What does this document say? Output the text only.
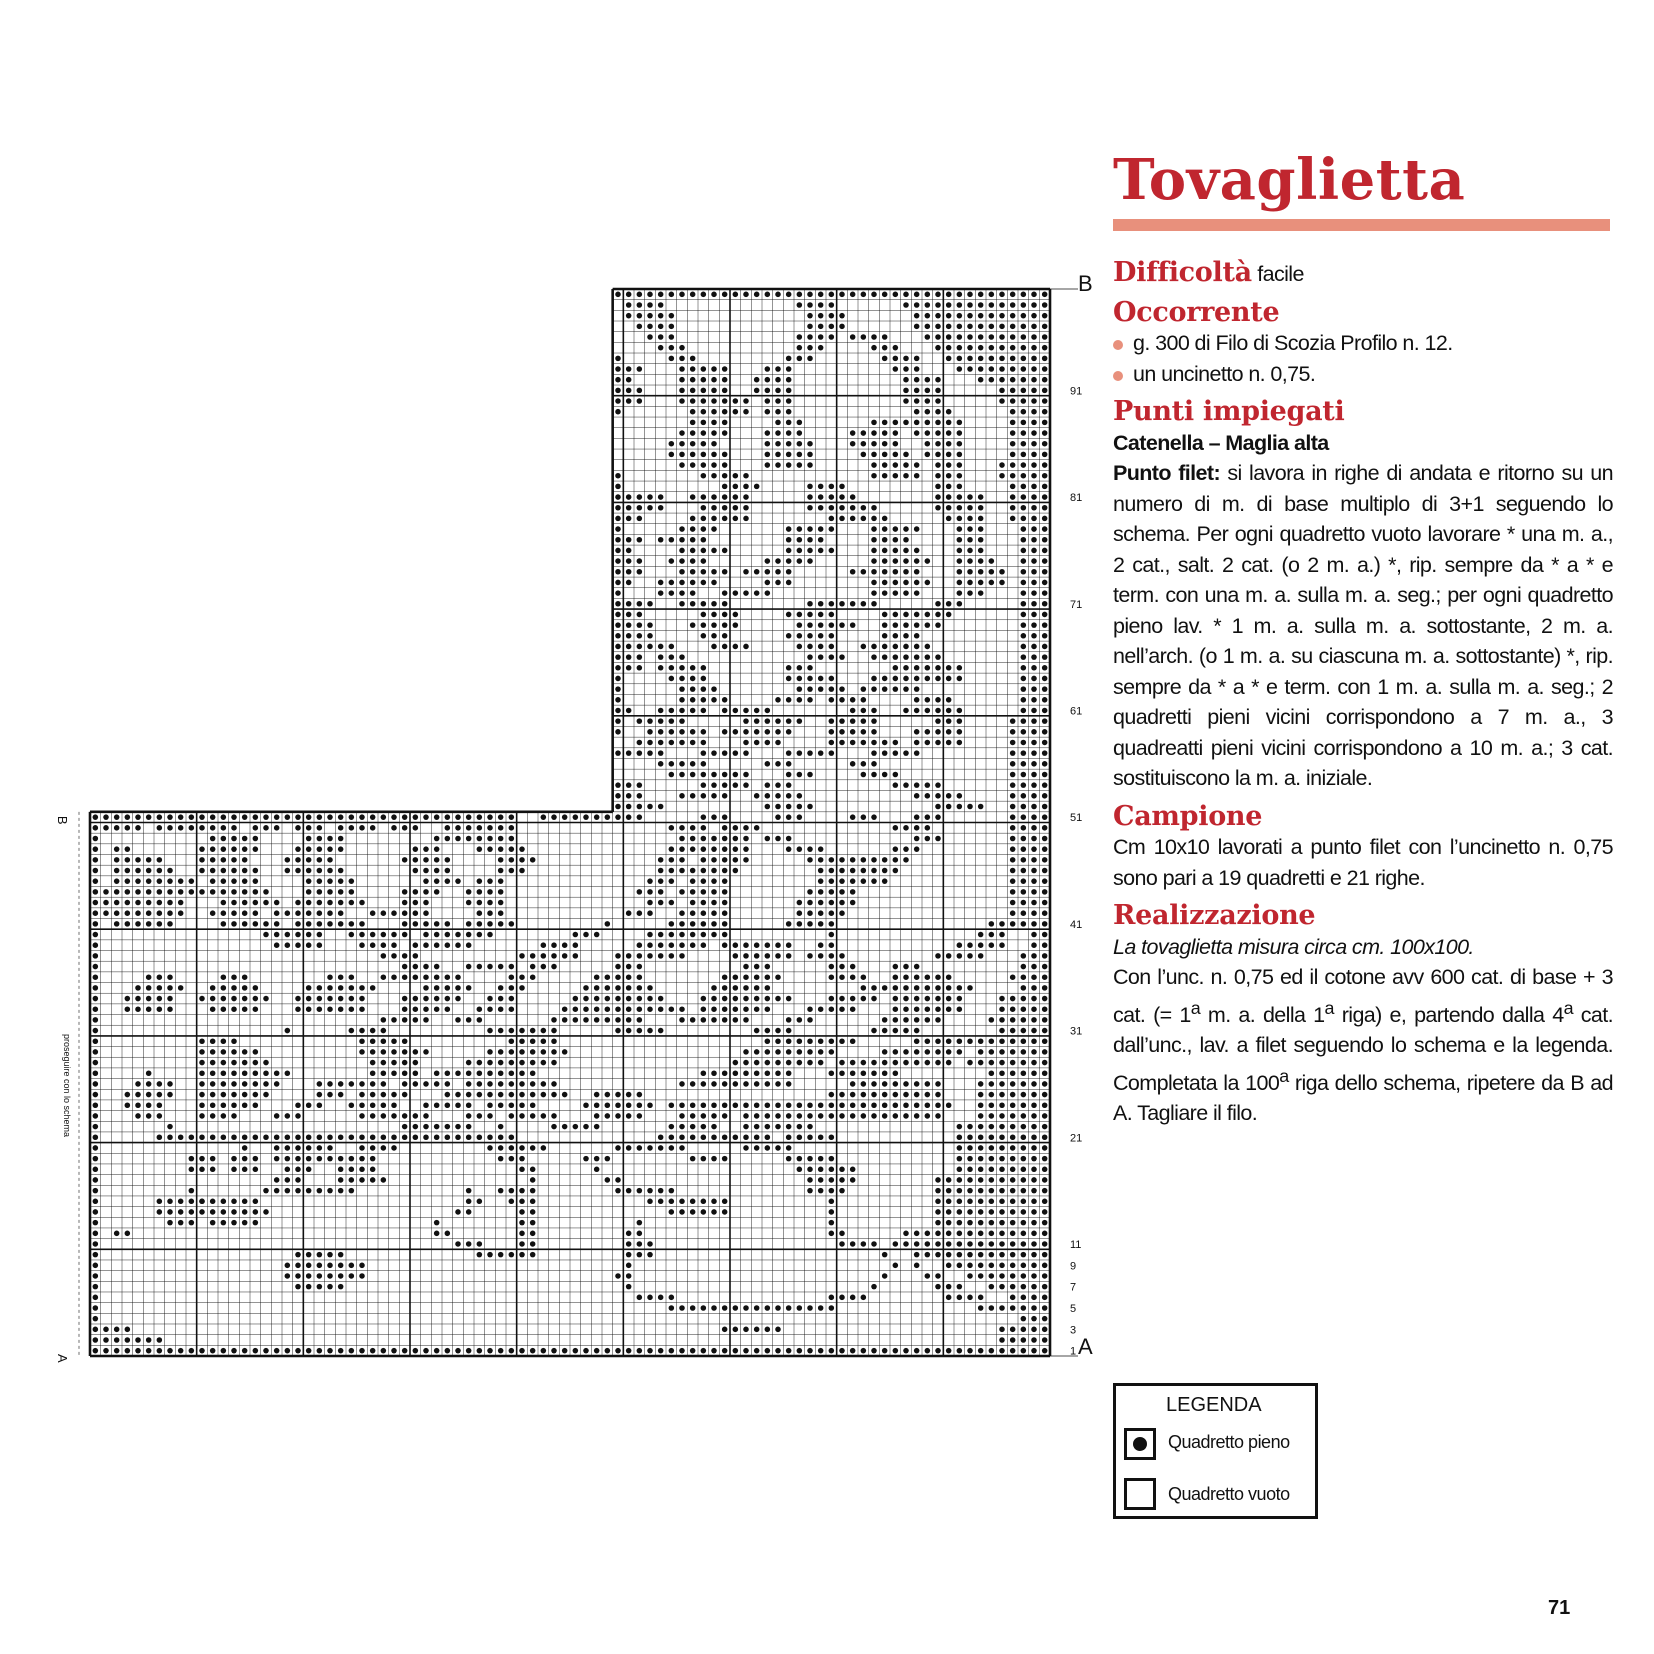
1
3
5
7
9
11
21
31
41
51
61
71
81
91
B
A
B
A
proseguire con lo schema
Tovaglietta
Difficoltà facile
Occorrente
g. 300 di Filo di Scozia Profilo n. 12.
un uncinetto n. 0,75.
Punti impiegati
Catenella – Maglia alta

Punto filet: si lavora in righe di andata e ritorno su un numero di m. di base multiplo di 3+1 seguendo lo schema. Per ogni quadretto vuoto lavorare * una m. a., 2 cat., salt. 2 cat. (o 2 m. a.) *, rip. sempre da * a * e term. con una m. a. sulla m. a. seg.; per ogni quadretto pieno lav. * 1 m. a. sulla m. a. sottostante, 2 m. a. nell’arch. (o 1 m. a. su ciascuna m. a. sottostante) *, rip. sempre da * a * e term. con 1 m. a. sulla m. a. seg.; 2 quadretti pieni vicini corrispondono a 7 m. a., 3 quadreatti pieni vicini corrispondono a 10 m. a.; 3 cat. sostituiscono la m. a. iniziale.

Campione

Cm 10x10 lavorati a punto filet con l’uncinetto n. 0,75 sono pari a 19 quadretti e 21 righe.

Realizzazione

La tovaglietta misura circa cm. 100x100.

Con l’unc. n. 0,75 ed il cotone avv 600 cat. di base + 3 cat. (= $1^a$ m. a. della 1$^a$ riga) e, partendo dalla 4$^a$ cat. dall’unc., lav. a filet seguendo lo schema e la legenda. Completata la 100$^a$ riga dello schema, ripetere da B ad A. Tagliare il filo.

LEGENDA
Quadretto pieno
Quadretto vuoto
71
